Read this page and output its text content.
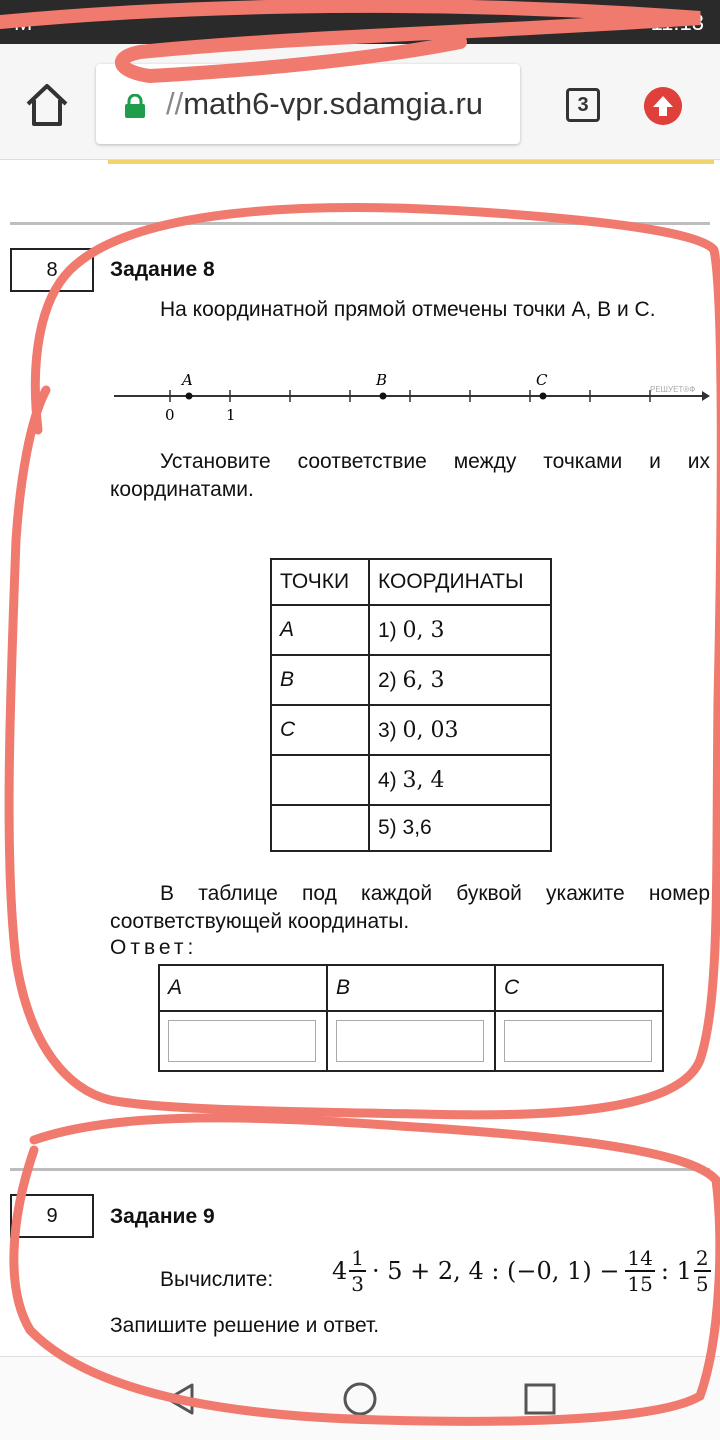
М	11:13
//math6-vpr.sdamgia.ru	3
8	Задание 8
На координатной прямой отмечены точки A, B и C.
A	B	C
0	1
РЕШУЕТ®Ф
Установите соответствие между точками и их координатами.
ТОЧКИ	КООРДИНАТЫ
A	1) 0, 3
B	2) 6, 3
C	3) 0, 03
	4) 3, 4
	5) 3,6
В таблице под каждой буквой укажите номер соответствующей координаты.
Ответ:
A	B	C

9	Задание 9
Вычислите: $4 \frac{1}{3} \cdot 5 + 2$, 4 : (−0, $1) - \frac{14}{15}$ : $1 \frac{2}{5}$ .
Запишите решение и ответ.
